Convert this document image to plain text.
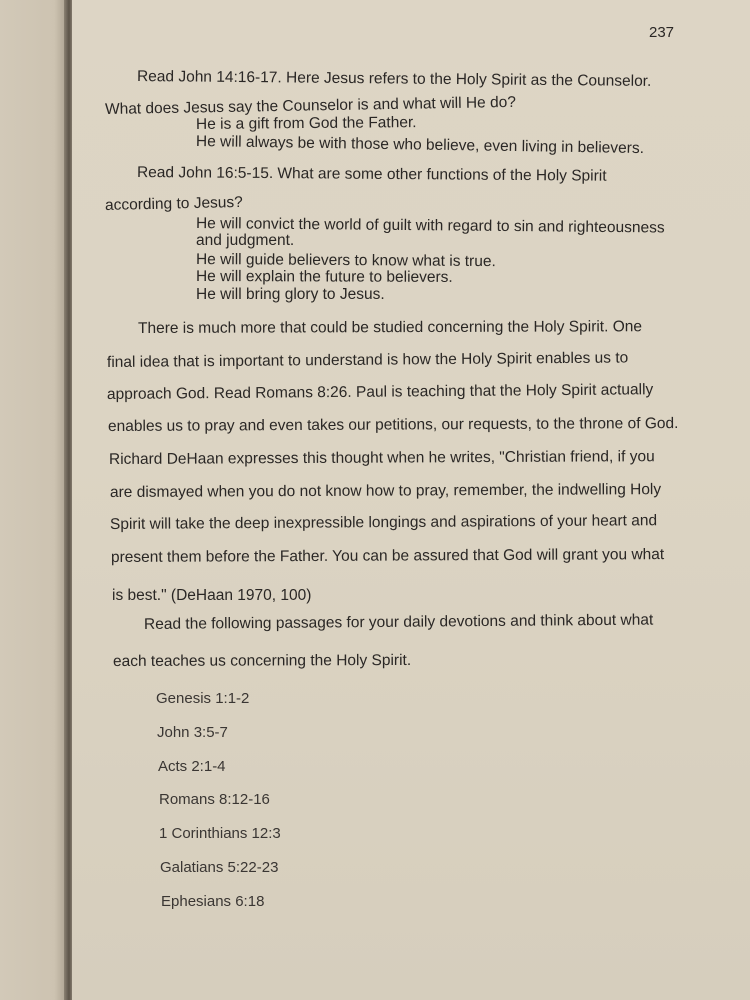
237

Read John 14:16-17. Here Jesus refers to the Holy Spirit as the Counselor.

What does Jesus say the Counselor is and what will He do?

He is a gift from God the Father.

He will always be with those who believe, even living in believers.

Read John 16:5-15. What are some other functions of the Holy Spirit

according to Jesus?

He will convict the world of guilt with regard to sin and righteousness

and judgment.

He will guide believers to know what is true.

He will explain the future to believers.

He will bring glory to Jesus.

There is much more that could be studied concerning the Holy Spirit. One

final idea that is important to understand is how the Holy Spirit enables us to

approach God. Read Romans 8:26. Paul is teaching that the Holy Spirit actually

enables us to pray and even takes our petitions, our requests, to the throne of God.

Richard DeHaan expresses this thought when he writes, "Christian friend, if you

are dismayed when you do not know how to pray, remember, the indwelling Holy

Spirit will take the deep inexpressible longings and aspirations of your heart and

present them before the Father. You can be assured that God will grant you what

is best." (DeHaan 1970, 100)

Read the following passages for your daily devotions and think about what

each teaches us concerning the Holy Spirit.

Genesis 1:1-2

John 3:5-7

Acts 2:1-4

Romans 8:12-16

1 Corinthians 12:3

Galatians 5:22-23

Ephesians 6:18
